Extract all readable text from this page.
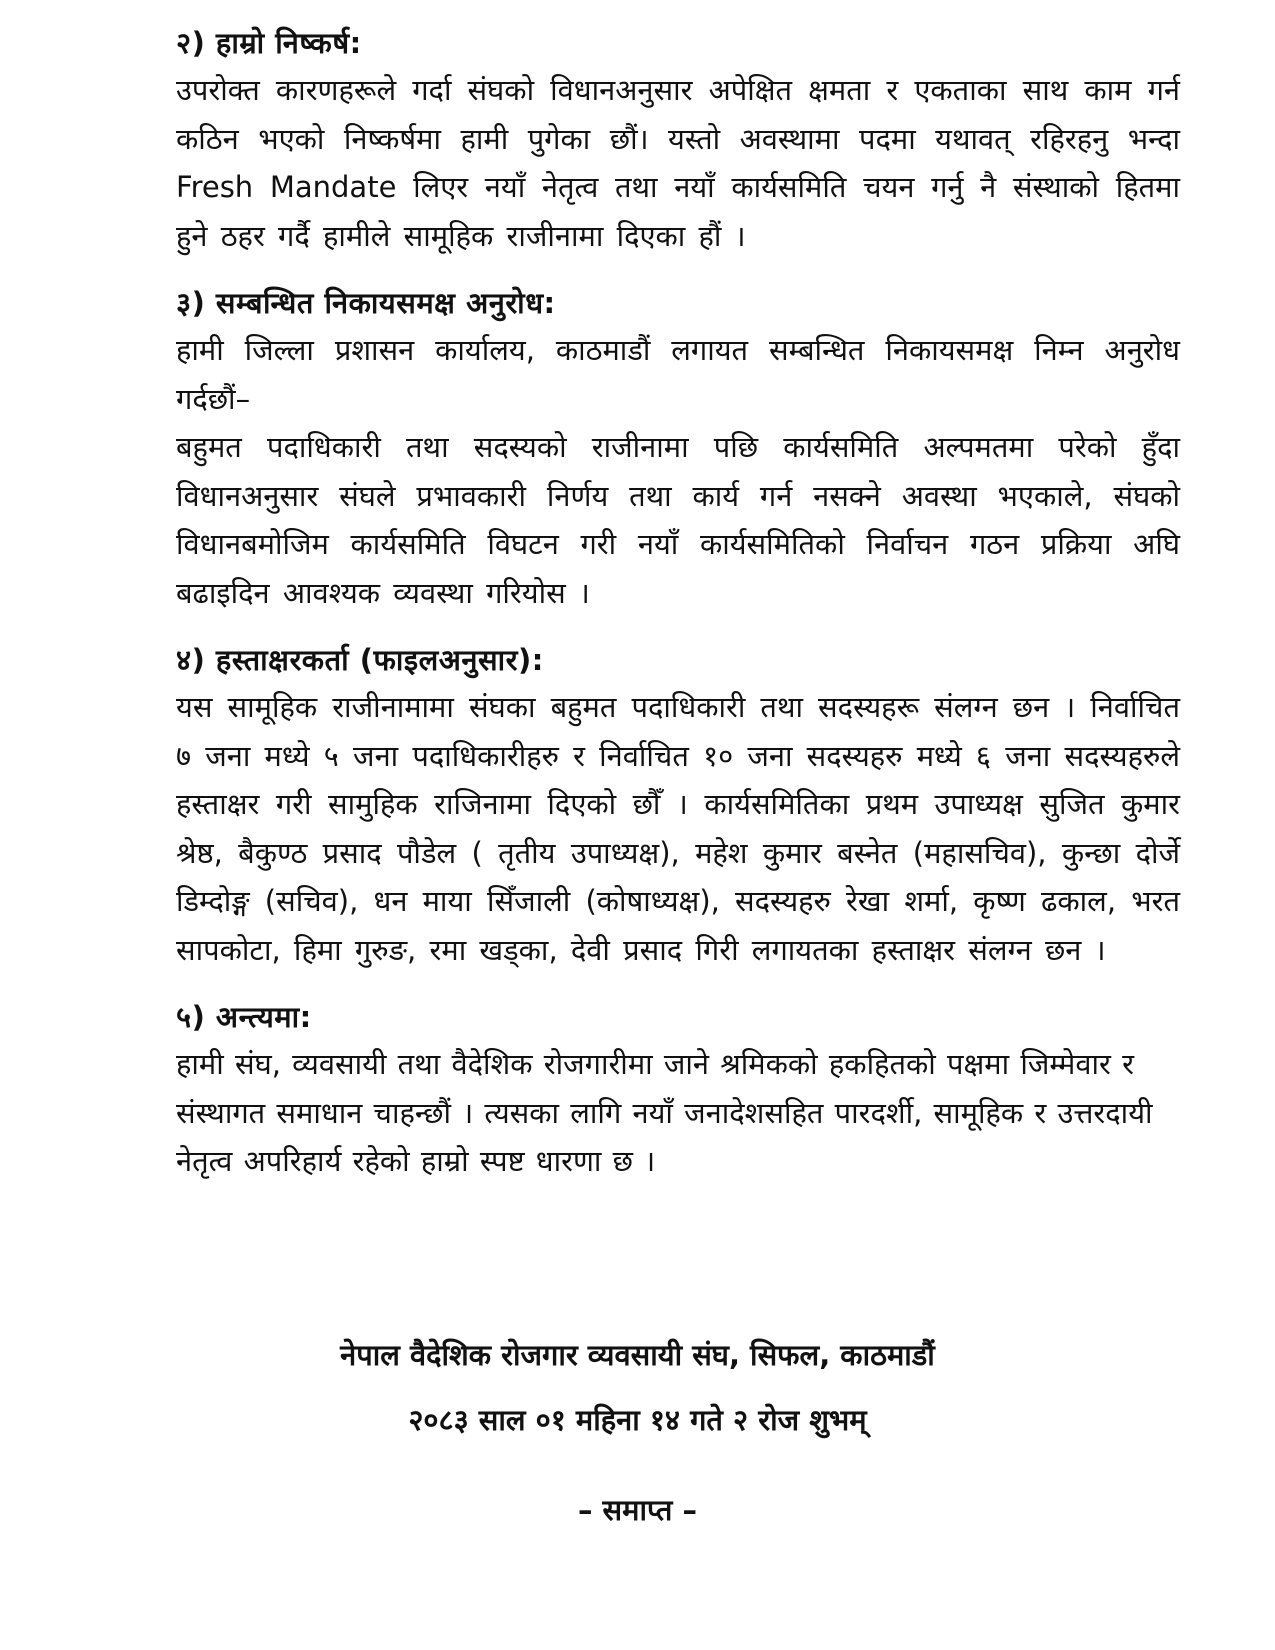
२) हाम्रो निष्कर्ष:

उपरोक्त कारणहरूले गर्दा संघको विधानअनुसार अपेक्षित क्षमता र एकताका साथ काम गर्न कठिन भएको निष्कर्षमा हामी पुगेका छौं। यस्तो अवस्थामा पदमा यथावत् रहिरहनु भन्दा Fresh Mandate लिएर नयाँ नेतृत्व तथा नयाँ कार्यसमिति चयन गर्नु नै संस्थाको हितमा हुने ठहर गर्दै हामीले सामूहिक राजीनामा दिएका हौं ।

३) सम्बन्धित निकायसमक्ष अनुरोध:

हामी जिल्ला प्रशासन कार्यालय, काठमाडौं लगायत सम्बन्धित निकायसमक्ष निम्न अनुरोध गर्दछौं–

बहुमत पदाधिकारी तथा सदस्यको राजीनामा पछि कार्यसमिति अल्पमतमा परेको हुँदा विधानअनुसार संघले प्रभावकारी निर्णय तथा कार्य गर्न नसक्ने अवस्था भएकाले, संघको विधानबमोजिम कार्यसमिति विघटन गरी नयाँ कार्यसमितिको निर्वाचन गठन प्रक्रिया अघि बढाइदिन आवश्यक व्यवस्था गरियोस ।

४) हस्ताक्षरकर्ता (फाइलअनुसार):

यस सामूहिक राजीनामामा संघका बहुमत पदाधिकारी तथा सदस्यहरू संलग्न छन । निर्वाचित ७ जना मध्ये ५ जना पदाधिकारीहरु र निर्वाचित १० जना सदस्यहरु मध्ये ६ जना सदस्यहरुले हस्ताक्षर गरी सामुहिक राजिनामा दिएको छौँ । कार्यसमितिका प्रथम उपाध्यक्ष सुजित कुमार श्रेष्ठ, बैकुण्ठ प्रसाद पौडेल ( तृतीय उपाध्यक्ष), महेश कुमार बस्नेत (महासचिव), कुन्छा दोर्जे डिम्दोङ्ग (सचिव), धन माया सिँजाली (कोषाध्यक्ष), सदस्यहरु रेखा शर्मा, कृष्ण ढकाल, भरत सापकोटा, हिमा गुरुङ, रमा खड्का, देवी प्रसाद गिरी लगायतका हस्ताक्षर संलग्न छन ।

५) अन्त्यमा:

हामी संघ, व्यवसायी तथा वैदेशिक रोजगारीमा जाने श्रमिकको हकहितको पक्षमा जिम्मेवार र संस्थागत समाधान चाहन्छौं । त्यसका लागि नयाँ जनादेशसहित पारदर्शी, सामूहिक र उत्तरदायी नेतृत्व अपरिहार्य रहेको हाम्रो स्पष्ट धारणा छ ।

नेपाल वैदेशिक रोजगार व्यवसायी संघ, सिफल, काठमाडौं
२०८३ साल ०१ महिना १४ गते २ रोज शुभम्
– समाप्त –
